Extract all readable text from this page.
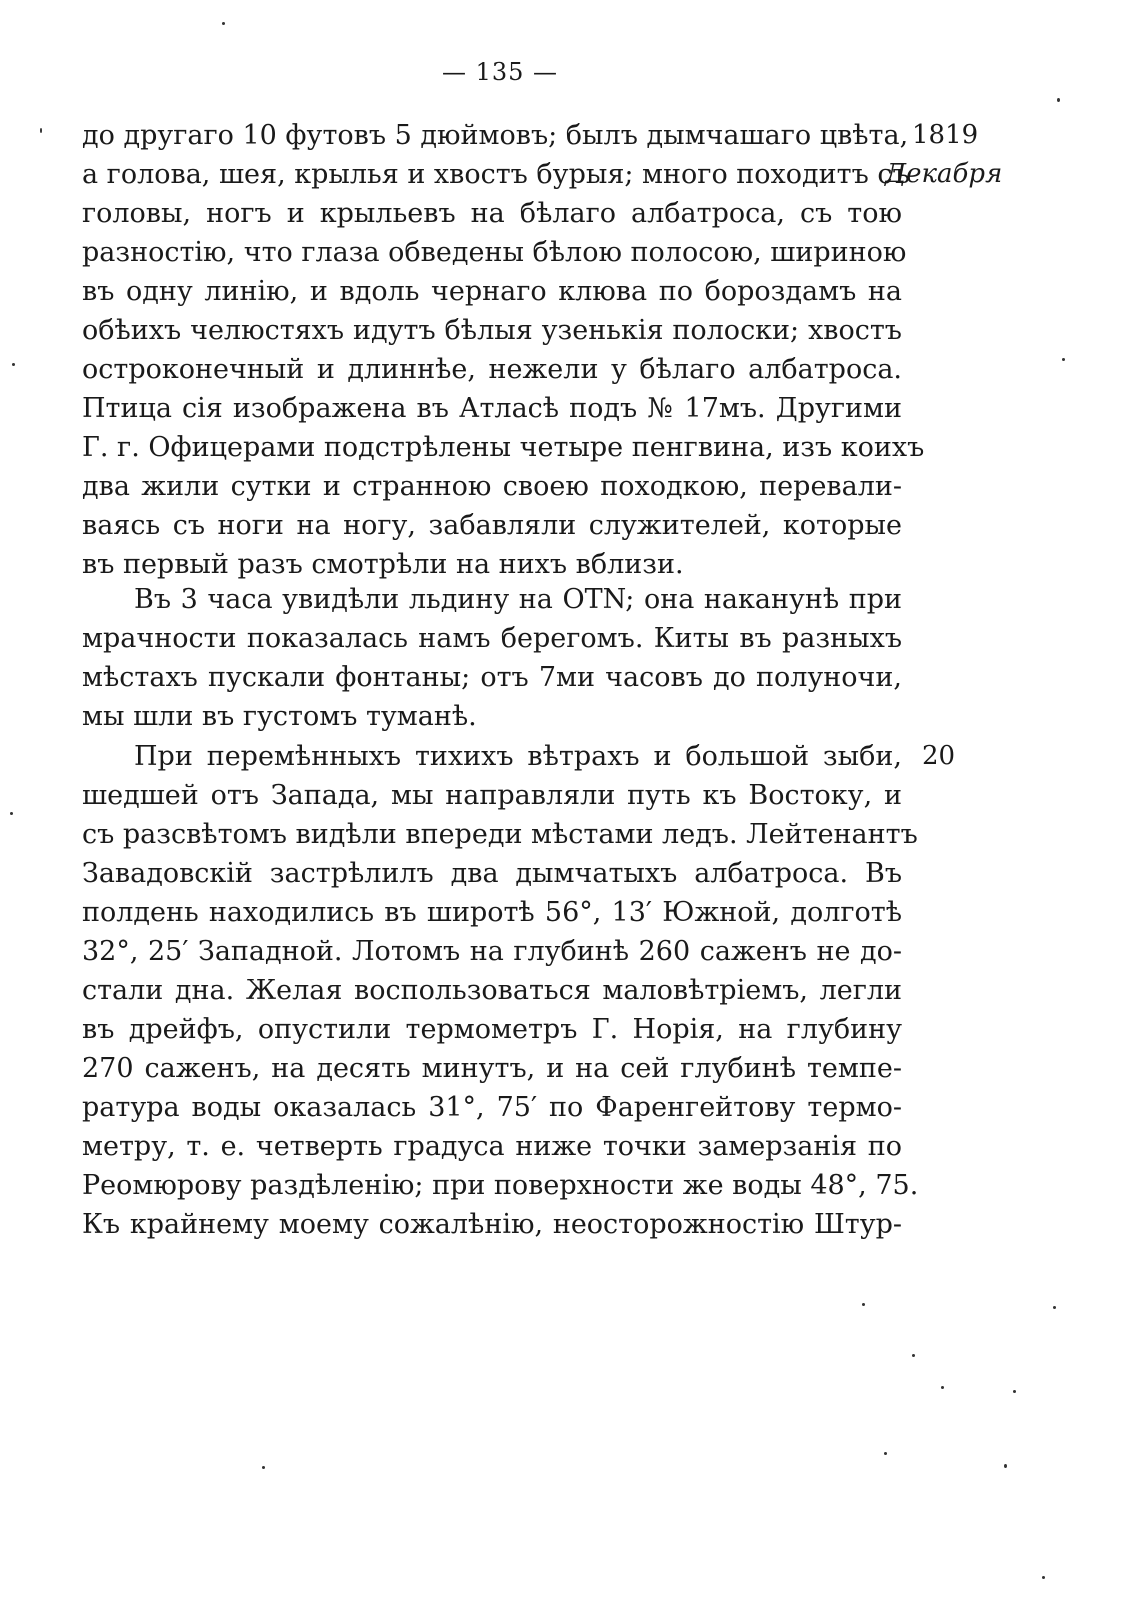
— 135 —
1819
Декабря
20
до другаго 10 футовъ 5 дюймовъ; былъ дымчашаго цвѣта,
а голова, шея, крылья и хвостъ бурыя; много походитъ съ
головы, ногъ и крыльевъ на бѣлаго албатроса, съ тою
разностію, что глаза обведены бѣлою полосою, шириною
въ одну линію, и вдоль чернаго клюва по бороздамъ на
обѣихъ челюстяхъ идутъ бѣлыя узенькія полоски; хвостъ
остроконечный и длиннѣе, нежели у бѣлаго албатроса.
Птица сія изображена въ Атласѣ подъ № 17мъ. Другими
Г. г. Офицерами подстрѣлены четыре пенгвина, изъ коихъ
два жили сутки и странною своею походкою, перевали-
ваясь съ ноги на ногу, забавляли служителей, которые
въ первый разъ смотрѣли на нихъ вблизи.
Въ 3 часа увидѣли льдину на OTN; она наканунѣ при
мрачности показалась намъ берегомъ. Киты въ разныхъ
мѣстахъ пускали фонтаны; отъ 7ми часовъ до полуночи,
мы шли въ густомъ туманѣ.
При перемѣнныхъ тихихъ вѣтрахъ и большой зыби,
шедшей отъ Запада, мы направляли путь къ Востоку, и
съ разсвѣтомъ видѣли впереди мѣстами ледъ. Лейтенантъ
Завадовскій застрѣлилъ два дымчатыхъ албатроса. Въ
полдень находились въ широтѣ 56°, 13′ Южной, долготѣ
32°, 25′ Западной. Лотомъ на глубинѣ 260 саженъ не до-
стали дна. Желая воспользоваться маловѣтріемъ, легли
въ дрейфъ, опустили термометръ Г. Норія, на глубину
270 саженъ, на десять минутъ, и на сей глубинѣ темпе-
ратура воды оказалась 31°, 75′ по Фаренгейтову термо-
метру, т. е. четверть градуса ниже точки замерзанія по
Реомюрову раздѣленію; при поверхности же воды 48°, 75.
Къ крайнему моему сожалѣнію, неосторожностію Штур-
